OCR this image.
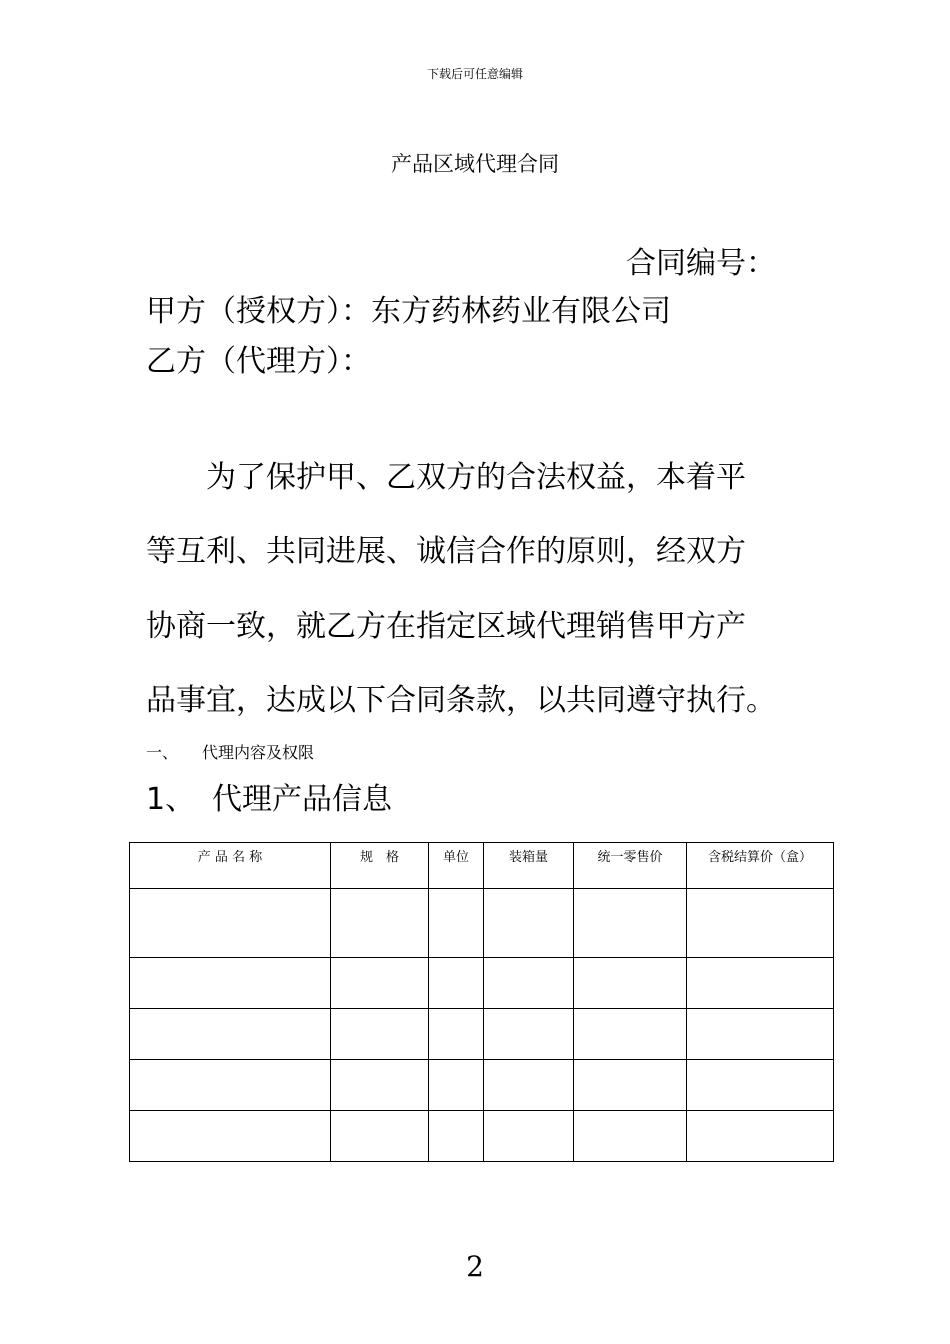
下载后可任意编辑
产品区域代理合同
合同编号：
甲方（授权方）：东方药林药业有限公司
乙方（代理方）：
为了保护甲、乙双方的合法权益，本着平
等互利、共同进展、诚信合作的原则，经双方
协商一致，就乙方在指定区域代理销售甲方产
品事宜，达成以下合同条款，以共同遵守执行。
一、 代理内容及权限
1、 代理产品信息
产 品 名 称	规　格	单位	装箱量	统一零售价	含税结算价（盒）

2
